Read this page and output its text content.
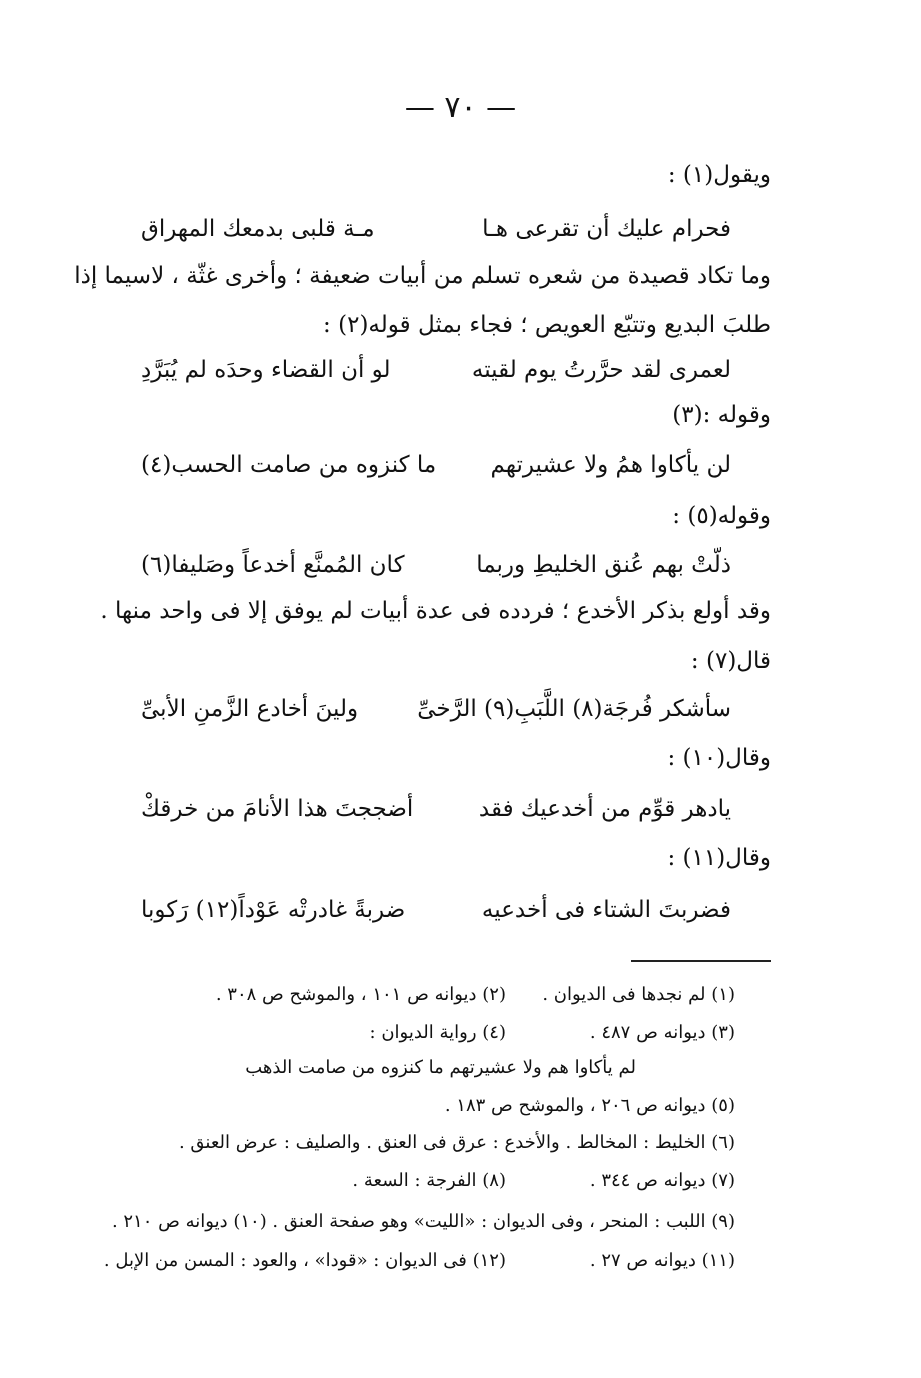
— ٧٠ —
ويقول(١) :
فحرام عليك أن تقرعى هـا
مـة قلبى بدمعك المهراق
وما تكاد قصيدة من شعره تسلم من أبيات ضعيفة ؛ وأخرى غثّة ، لاسيما إذا
طلبَ البديع وتتبّع العويص ؛ فجاء بمثل قوله(٢) :
لعمرى لقد حرَّرتُ يوم لقيته
لو أن القضاء وحدَه لم يُبَرَّدِ
وقوله :(٣)
لن يأكاوا همُ ولا عشيرتهم
ما كنزوه من صامت الحسب(٤)
وقوله(٥) :
ذلّتْ بهم عُنق الخليطِ وربما
كان المُمنَّع أخدعاً وصَليفا(٦)
وقد أولع بذكر الأخدع ؛ فردده فى عدة أبيات لم يوفق إلا فى واحد منها .
قال(٧) :
سأشكر فُرجَة(٨) اللَّبَبِ(٩) الرَّخىِّ
ولينَ أخادع الزَّمنِ الأبىِّ
وقال(١٠) :
يادهر قوِّم من أخدعيك فقد
أضججتَ هذا الأنامَ من خرقكْ
وقال(١١) :
فضربتَ الشتاء فى أخدعيه
ضربةً غادرتْه عَوْداً(١٢) رَكوبا
(١) لم نجدها فى الديوان .
(٢) ديوانه ص ١٠١ ، والموشح ص ٣٠٨ .
(٣) ديوانه ص ٤٨٧ .
(٤) رواية الديوان :
لم يأكاوا هم ولا عشيرتهم ما كنزوه من صامت الذهب
(٥) ديوانه ص ٢٠٦ ، والموشح ص ١٨٣ .
(٦) الخليط : المخالط . والأخدع : عرق فى العنق . والصليف : عرض العنق .
(٧) ديوانه ص ٣٤٤ .
(٨) الفرجة : السعة .
(٩) اللبب : المنحر ، وفى الديوان : «الليت» وهو صفحة العنق . (١٠) ديوانه ص ٢١٠ .
(١١) ديوانه ص ٢٧ .
(١٢) فى الديوان : «قودا» ، والعود : المسن من الإبل .
